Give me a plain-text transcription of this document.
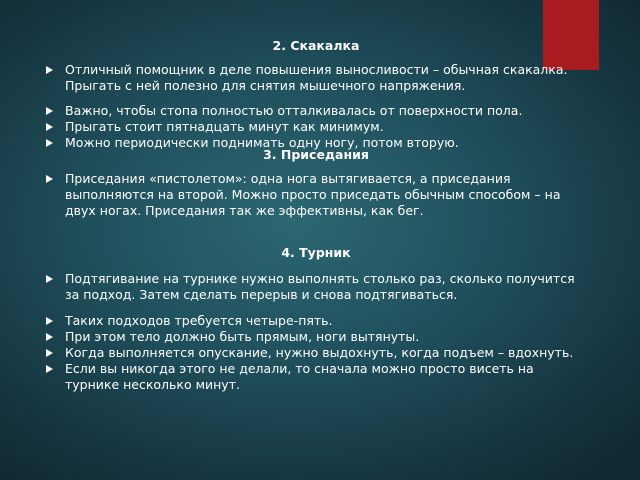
2. Скакалка
Отличный помощник в деле повышения выносливости – обычная скакалка. Прыгать с ней полезно для снятия мышечного напряжения.
Важно, чтобы стопа полностью отталкивалась от поверхности пола.
Прыгать стоит пятнадцать минут как минимум.
Можно периодически поднимать одну ногу, потом вторую.
3. Приседания
Приседания «пистолетом»: одна нога вытягивается, а приседания выполняются на второй. Можно просто приседать обычным способом – на двух ногах. Приседания так же эффективны, как бег.
4. Турник
Подтягивание на турнике нужно выполнять столько раз, сколько получится за подход. Затем сделать перерыв и снова подтягиваться.
Таких подходов требуется четыре-пять.
При этом тело должно быть прямым, ноги вытянуты.
Когда выполняется опускание, нужно выдохнуть, когда подъем – вдохнуть.
Если вы никогда этого не делали, то сначала можно просто висеть на турнике несколько минут.
